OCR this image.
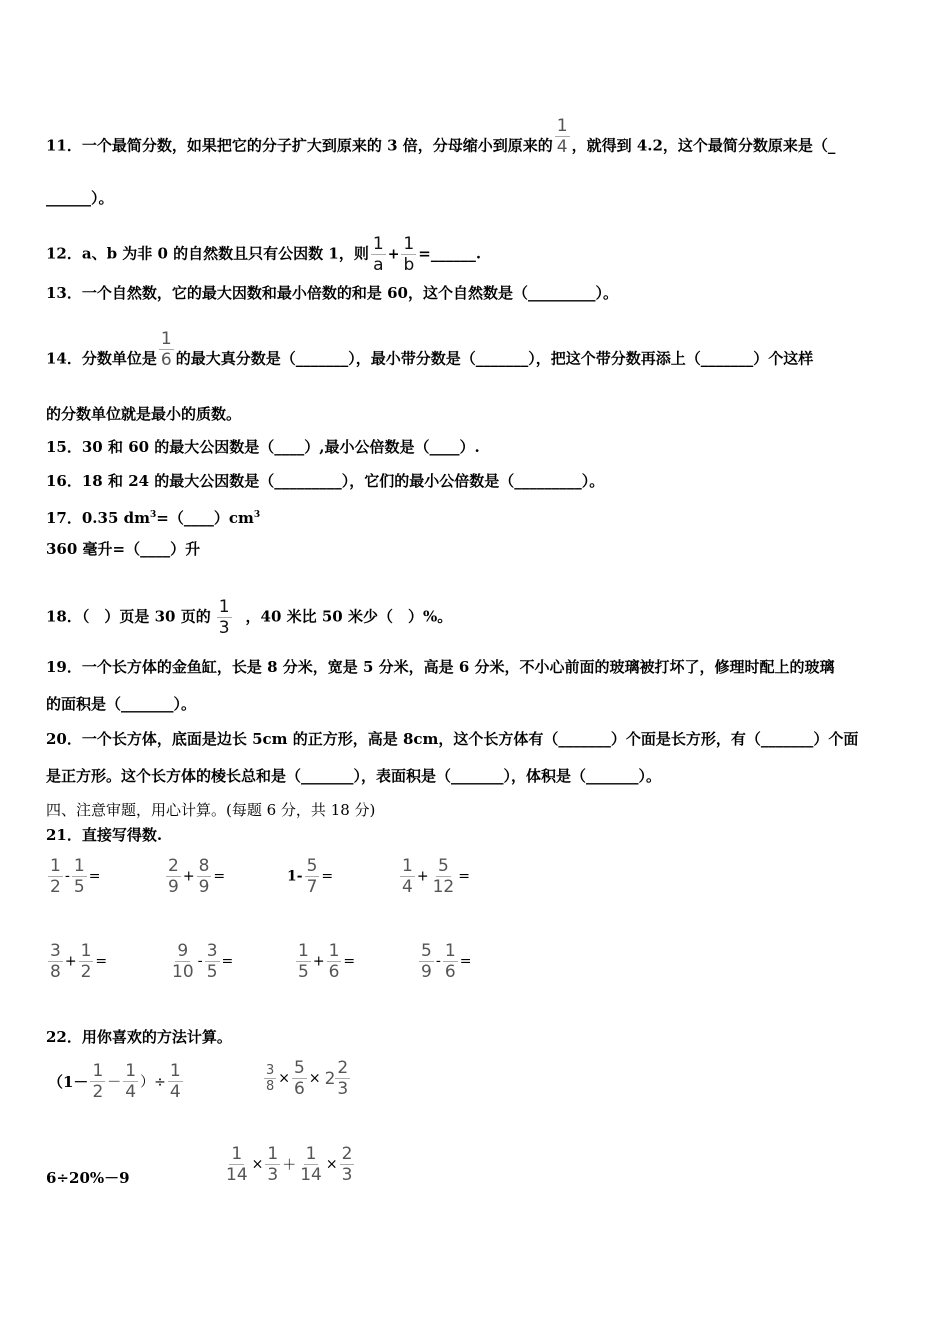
11．一个最简分数，如果把它的分子扩大到原来的 3 倍，分母缩小到原来的 $\frac{1}{4}$ ，就得到 4.2，这个最简分数原来是（_
______）。
12．a、b 为非 0 的自然数且只有公因数 1，则 $\frac{1}{a} + \frac{1}{b}$ =______.
13．一个自然数，它的最大因数和最小倍数的和是 60，这个自然数是（_________）。
14．分数单位是 $\frac{1}{6}$ 的最大真分数是（_______），最小带分数是（_______），把这个带分数再添上（_______）个这样
的分数单位就是最小的质数。
15．30 和 60 的最大公因数是（____）,最小公倍数是（____）.
16．18 和 24 的最大公因数是（_________），它们的最小公倍数是（_________）。
17．0.35 $dm^3=(\_\_\_\_)cm^3$
360 毫升=（____）升
18．（　）页是 30 页的 $\frac{1}{3}$ ，40 米比 50 米少（　）%。
19．一个长方体的金鱼缸，长是 8 分米，宽是 5 分米，高是 6 分米，不小心前面的玻璃被打坏了，修理时配上的玻璃
的面积是（_______）。
20．一个长方体，底面是边长 5cm 的正方形，高是 8cm，这个长方体有（_______）个面是长方形，有（_______）个面
是正方形。这个长方体的棱长总和是（_______），表面积是（_______），体积是（_______）。
四、注意审题，用心计算。(每题 6 分，共 18 分)
21．直接写得数.
$\frac{1}{2} - \frac{1}{5}$ =	$\frac{2}{9} + \frac{8}{9}$ =	$1- \frac{5}{7}$ =	$\frac{1}{4} + \frac{5}{12}$ =
$\frac{3}{8} + \frac{1}{2}$ =	$\frac{9}{10} - \frac{3}{5}$ =	$\frac{1}{5} + \frac{1}{6}$ =	$\frac{5}{9} - \frac{1}{6}$ =
22．用你喜欢的方法计算。
（$1- \frac{1}{2} - \frac{1}{4}$ ）÷ $\frac{1}{4}$	$\frac{3}{8} \times \frac{5}{6} \times 2 \frac{2}{3}$
6÷20%－9	$\frac{1}{14} \times \frac{1}{3} + \frac{1}{14} \times \frac{2}{3}$
